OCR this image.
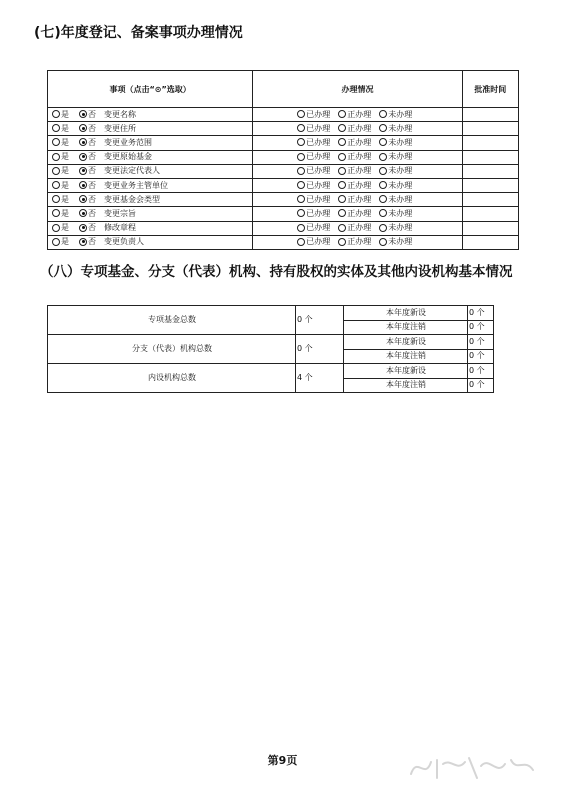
(七)年度登记、备案事项办理情况
事项（点击“⊙”选取）	办理情况	批准时间
是 否 变更名称	已办理 正办理 未办理	
是 否 变更住所	已办理 正办理 未办理	
是 否 变更业务范围	已办理 正办理 未办理	
是 否 变更原始基金	已办理 正办理 未办理	
是 否 变更法定代表人	已办理 正办理 未办理	
是 否 变更业务主管单位	已办理 正办理 未办理	
是 否 变更基金会类型	已办理 正办理 未办理	
是 否 变更宗旨	已办理 正办理 未办理	
是 否 修改章程	已办理 正办理 未办理	
是 否 变更负责人	已办理 正办理 未办理	
（八）专项基金、分支（代表）机构、持有股权的实体及其他内设机构基本情况
专项基金总数	0 个	本年度新设	0 个
		本年度注销	0 个
分支（代表）机构总数	0 个	本年度新设	0 个
		本年度注销	0 个
内设机构总数	4 个	本年度新设	0 个
		本年度注销	0 个
第9页
